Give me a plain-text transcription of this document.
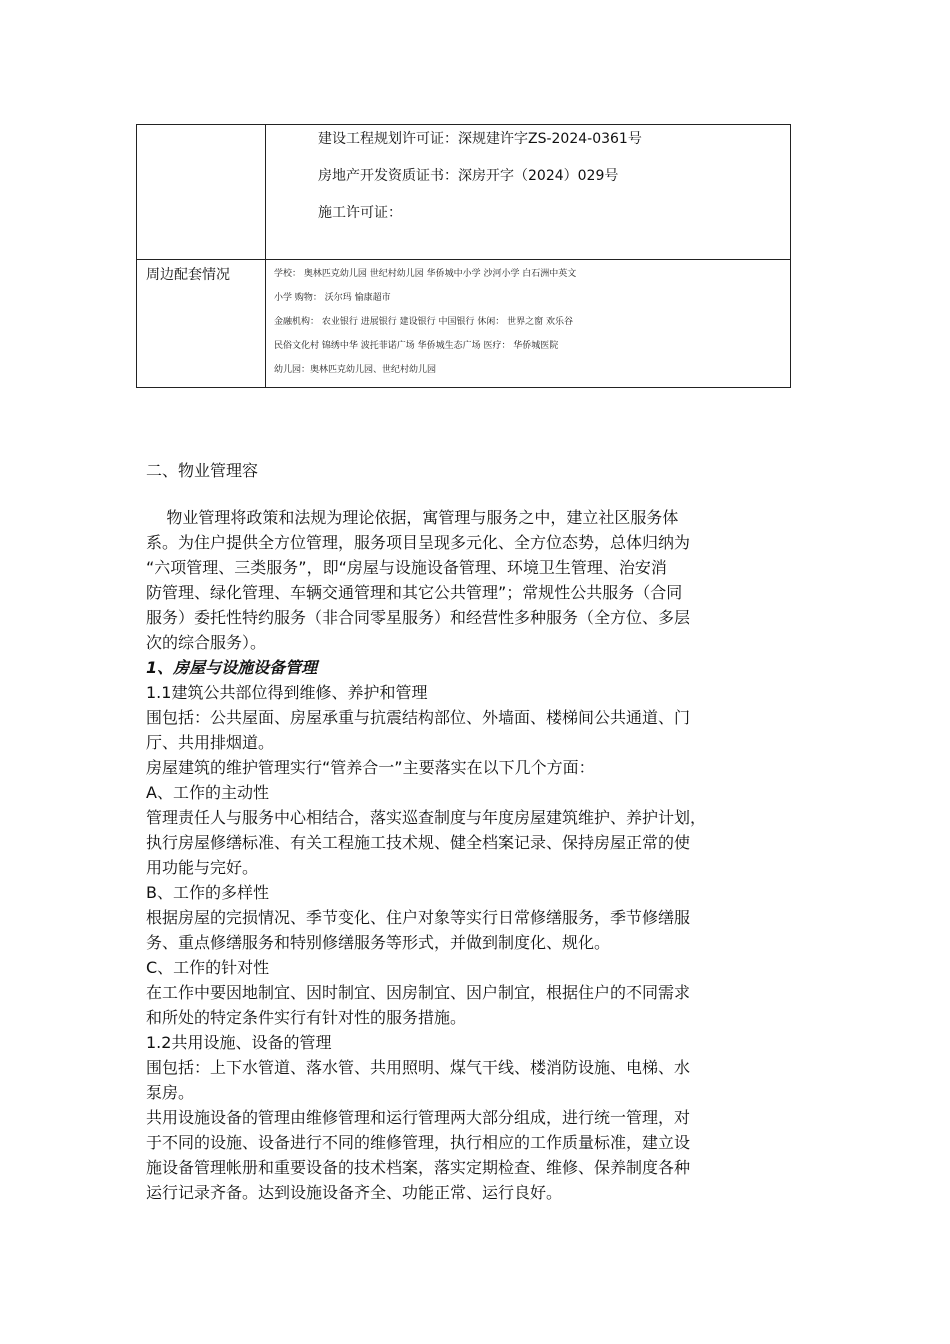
	建设工程规划许可证：深规建许字ZS-2024-0361号
房地产开发资质证书：深房开字（2024）029号
施工许可证：

周边配套情况	学校： 奥林匹克幼儿园 世纪村幼儿园 华侨城中小学 沙河小学 白石洲中英文
小学 购物： 沃尔玛 愉康超市
金融机构： 农业银行 进展银行 建设银行 中国银行 休闲： 世界之窗 欢乐谷
民俗文化村 锦绣中华 波托菲诺广场 华侨城生态广场 医疗： 华侨城医院
幼儿园：奥林匹克幼儿园、世纪村幼儿园
二、物业管理容
物业管理将政策和法规为理论依据，寓管理与服务之中，建立社区服务体
系。为住户提供全方位管理，服务项目呈现多元化、全方位态势，总体归纳为
“六项管理、三类服务”，即“房屋与设施设备管理、环境卫生管理、治安消
防管理、绿化管理、车辆交通管理和其它公共管理”；常规性公共服务（合同
服务）委托性特约服务（非合同零星服务）和经营性多种服务（全方位、多层
次的综合服务）。
1、房屋与设施设备管理
1.1建筑公共部位得到维修、养护和管理
围包括：公共屋面、房屋承重与抗震结构部位、外墙面、楼梯间公共通道、门
厅、共用排烟道。
房屋建筑的维护管理实行“管养合一”主要落实在以下几个方面：
A、工作的主动性
管理责任人与服务中心相结合，落实巡查制度与年度房屋建筑维护、养护计划，
执行房屋修缮标准、有关工程施工技术规、健全档案记录、保持房屋正常的使
用功能与完好。
B、工作的多样性
根据房屋的完损情况、季节变化、住户对象等实行日常修缮服务，季节修缮服
务、重点修缮服务和特别修缮服务等形式，并做到制度化、规化。
C、工作的针对性
在工作中要因地制宜、因时制宜、因房制宜、因户制宜，根据住户的不同需求
和所处的特定条件实行有针对性的服务措施。
1.2共用设施、设备的管理
围包括：上下水管道、落水管、共用照明、煤气干线、楼消防设施、电梯、水
泵房。
共用设施设备的管理由维修管理和运行管理两大部分组成，进行统一管理，对
于不同的设施、设备进行不同的维修管理，执行相应的工作质量标准，建立设
施设备管理帐册和重要设备的技术档案，落实定期检查、维修、保养制度各种
运行记录齐备。达到设施设备齐全、功能正常、运行良好。
